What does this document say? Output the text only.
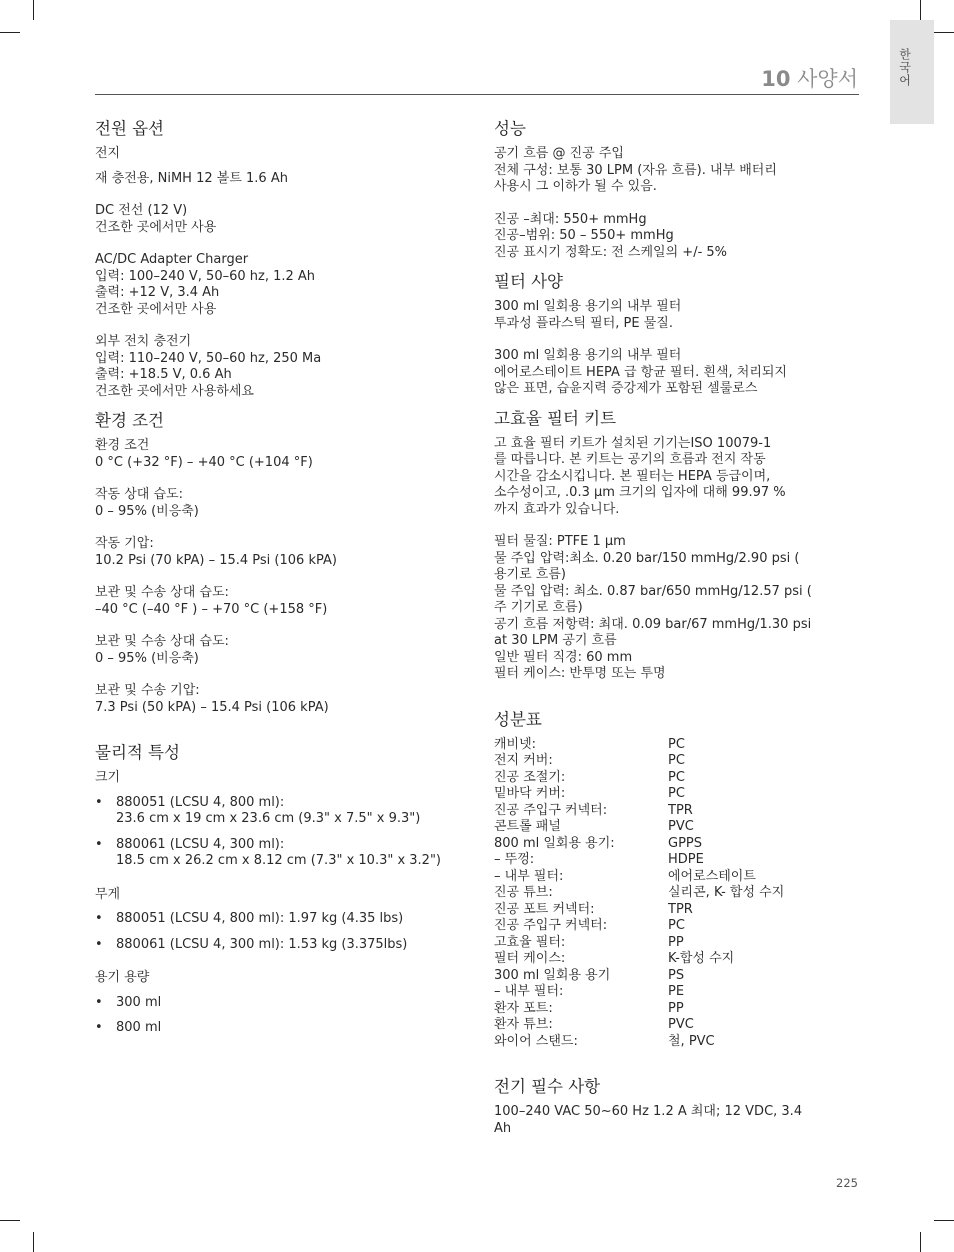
한국어
10 사양서
전원 옵션

전지

재 충전용, NiMH 12 볼트 1.6 Ah

DC 전선 (12 V)
건조한 곳에서만 사용

AC/DC Adapter Charger
입력: 100–240 V, 50–60 hz, 1.2 Ah
출력: +12 V, 3.4 Ah
건조한 곳에서만 사용

외부 전치 충전기
입력: 110–240 V, 50–60 hz, 250 Ma
출력: +18.5 V, 0.6 Ah
건조한 곳에서만 사용하세요

환경 조건

환경 조건
0 °C (+32 °F) – +40 °C (+104 °F)

작동 상대 습도:
0 – 95% (비응축)

작동 기압:
10.2 Psi (70 kPA) – 15.4 Psi (106 kPA)

보관 및 수송 상대 습도:
–40 °C (–40 °F ) – +70 °C (+158 °F)

보관 및 수송 상대 습도:
0 – 95% (비응축)

보관 및 수송 기압:
7.3 Psi (50 kPA) – 15.4 Psi (106 kPA)

물리적 특성

크기

• 880051 (LCSU 4, 800 ml):
23.6 cm x 19 cm x 23.6 cm (9.3" x 7.5" x 9.3")
• 880061 (LCSU 4, 300 ml):
18.5 cm x 26.2 cm x 8.12 cm (7.3" x 10.3" x 3.2")

무게

• 880051 (LCSU 4, 800 ml): 1.97 kg (4.35 lbs)
• 880061 (LCSU 4, 300 ml): 1.53 kg (3.375lbs)

용기 용량

• 300 ml
• 800 ml
성능

공기 흐름 @ 진공 주입
전체 구성: 보통 30 LPM (자유 흐름). 내부 배터리
사용시 그 이하가 될 수 있음.

진공 –최대: 550+ mmHg
진공–범위: 50 – 550+ mmHg
진공 표시기 정확도: 전 스케일의 +/- 5%

필터 사양

300 ml 일회용 용기의 내부 필터
투과성 플라스틱 필터, PE 물질.

300 ml 일회용 용기의 내부 필터
에어로스테이트 HEPA 급 항균 필터. 흰색, 처리되지
않은 표면, 습윤지력 증강제가 포함된 셀룰로스

고효율 필터 키트

고 효율 필터 키트가 설치된 기기는ISO 10079-1
를 따릅니다. 본 키트는 공기의 흐름과 전지 작동
시간을 감소시킵니다. 본 필터는 HEPA 등급이며,
소수성이고, .0.3 µm 크기의 입자에 대해 99.97 %
까지 효과가 있습니다.

필터 물질: PTFE 1 µm
물 주입 압력:최소. 0.20 bar/150 mmHg/2.90 psi (
용기로 흐름)
물 주입 압력: 최소. 0.87 bar/650 mmHg/12.57 psi (
주 기기로 흐름)
공기 흐름 저항력: 최대. 0.09 bar/67 mmHg/1.30 psi
at 30 LPM 공기 흐름
일반 필터 직경: 60 mm
필터 케이스: 반투명 또는 투명

성분표
캐비넷:	PC
전지 커버:	PC
진공 조절기:	PC
밑바닥 커버:	PC
진공 주입구 커넥터:	TPR
콘트롤 패널	PVC
800 ml 일회용 용기:	GPPS
– 뚜껑:	HDPE
– 내부 필터:	에어로스테이트
진공 튜브:	실리콘, K- 합성 수지
진공 포트 커넥터:	TPR
진공 주입구 커넥터:	PC
고효율 필터:	PP
필터 케이스:	K-합성 수지
300 ml 일회용 용기	PS
– 내부 필터:	PE
환자 포트:	PP
환자 튜브:	PVC
와이어 스탠드:	철, PVC
전기 필수 사항

100–240 VAC 50~60 Hz 1.2 A 최대; 12 VDC, 3.4
Ah

225
